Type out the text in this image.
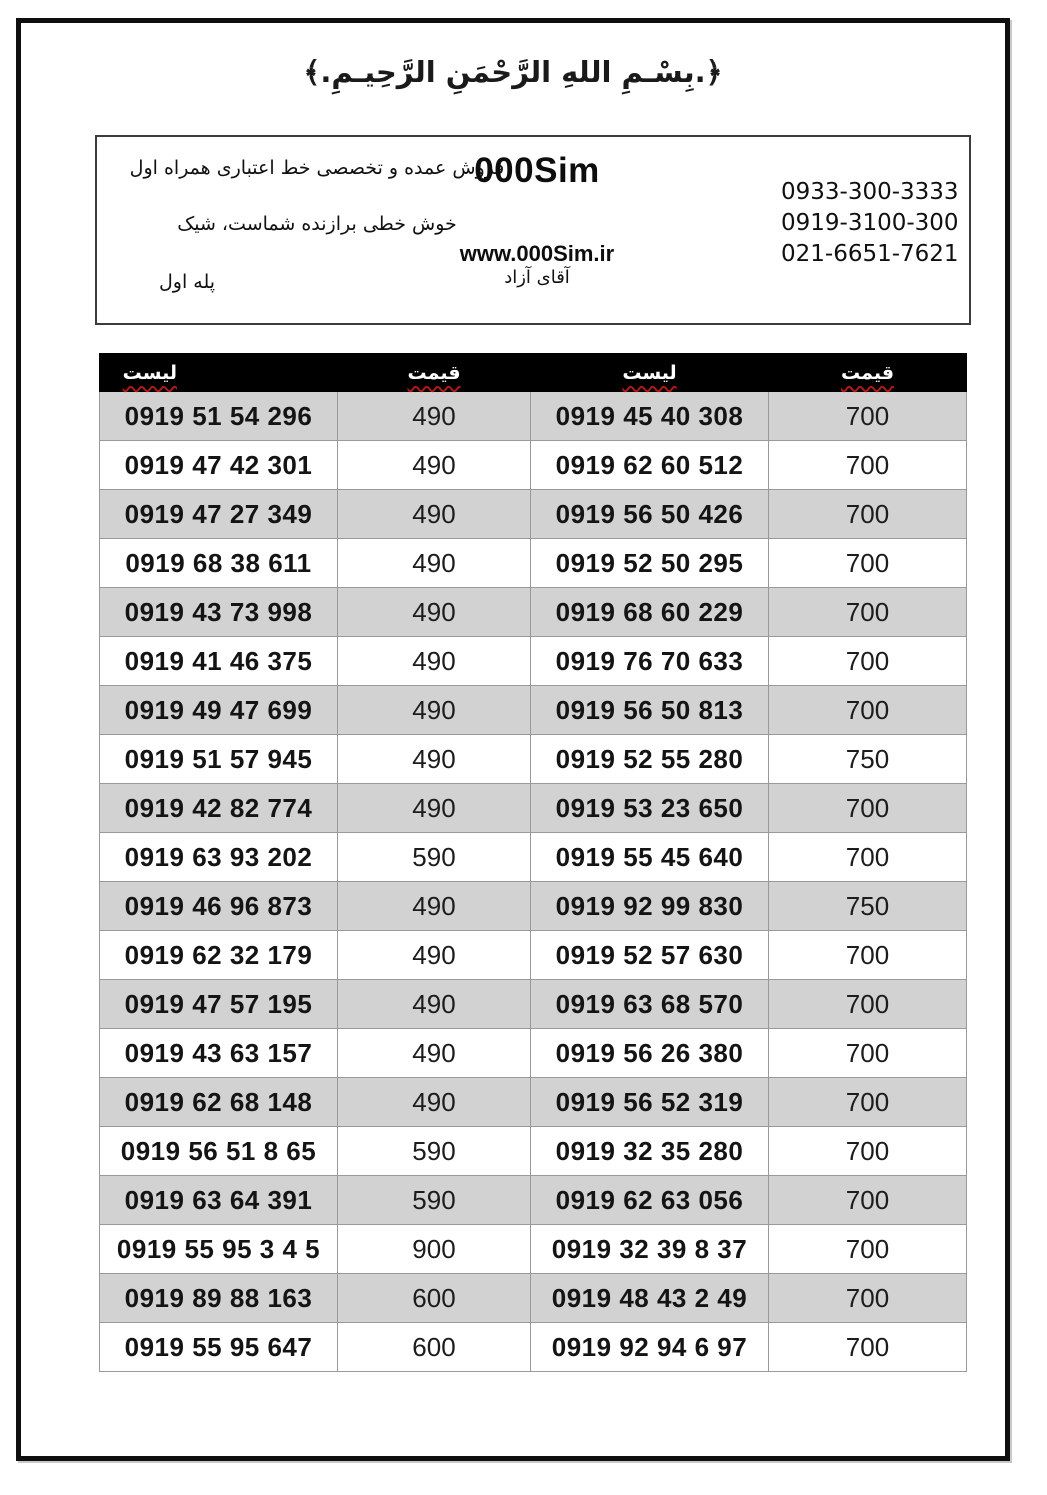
﴿.بِسْـمِ اللهِ الرَّحْمَنِ الرَّحِيـمِ.﴾
فروش عمده و تخصصی خط اعتباری همراه اول
خوش خطی برازنده شماست، شیک
پله اول
000Sim
www.000Sim.ir
آقای آزاد
0933-300-3333
0919-3100-300
021-6651-7621
لیست	قیمت	لیست	قیمت
0919 51 54 296	490	0919 45 40 308	700
0919 47 42 301	490	0919 62 60 512	700
0919 47 27 349	490	0919 56 50 426	700
0919 68 38 611	490	0919 52 50 295	700
0919 43 73 998	490	0919 68 60 229	700
0919 41 46 375	490	0919 76 70 633	700
0919 49 47 699	490	0919 56 50 813	700
0919 51 57 945	490	0919 52 55 280	750
0919 42 82 774	490	0919 53 23 650	700
0919 63 93 202	590	0919 55 45 640	700
0919 46 96 873	490	0919 92 99 830	750
0919 62 32 179	490	0919 52 57 630	700
0919 47 57 195	490	0919 63 68 570	700
0919 43 63 157	490	0919 56 26 380	700
0919 62 68 148	490	0919 56 52 319	700
0919 56 51 8 65	590	0919 32 35 280	700
0919 63 64 391	590	0919 62 63 056	700
0919 55 95 3 4 5	900	0919 32 39 8 37	700
0919 89 88 163	600	0919 48 43 2 49	700
0919 55 95 647	600	0919 92 94 6 97	700
